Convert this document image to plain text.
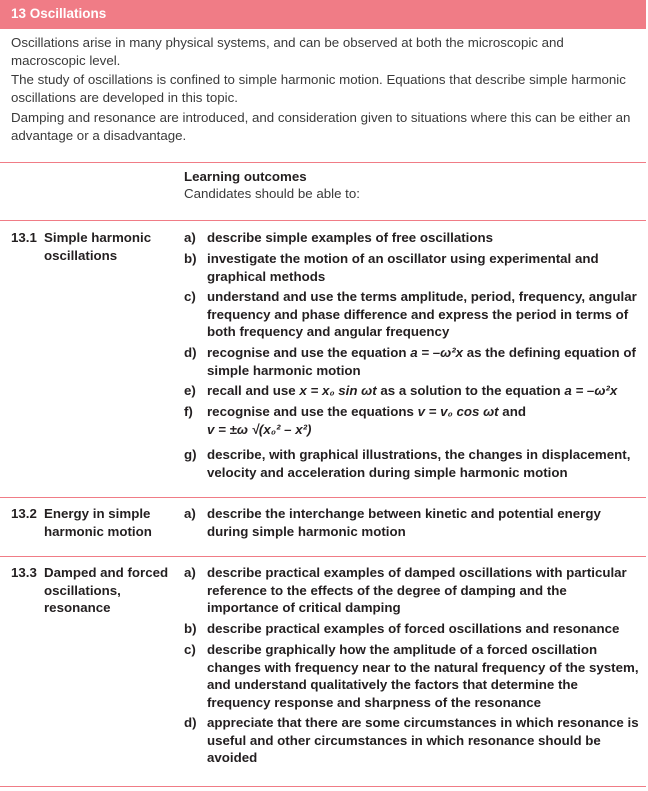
13 Oscillations

Oscillations arise in many physical systems, and can be observed at both the microscopic and macroscopic level.

The study of oscillations is confined to simple harmonic motion. Equations that describe simple harmonic oscillations are developed in this topic.

Damping and resonance are introduced, and consideration given to situations where this can be either an advantage or a disadvantage.

Learning outcomes
Candidates should be able to:
13.1 Simple harmonic oscillations
a) describe simple examples of free oscillations
b) investigate the motion of an oscillator using experimental and graphical methods
c) understand and use the terms amplitude, period, frequency, angular frequency and phase difference and express the period in terms of both frequency and angular frequency
d) recognise and use the equation a = –ω²x as the defining equation of simple harmonic motion
e) recall and use x = x₀ sin ωt as a solution to the equation a = –ω²x
f) recognise and use the equations v = v₀ cos ωt and
v = ±ω √(x₀² – x²)
g) describe, with graphical illustrations, the changes in displacement, velocity and acceleration during simple harmonic motion
13.2 Energy in simple harmonic motion
a) describe the interchange between kinetic and potential energy during simple harmonic motion
13.3 Damped and forced oscillations, resonance
a) describe practical examples of damped oscillations with particular reference to the effects of the degree of damping and the importance of critical damping
b) describe practical examples of forced oscillations and resonance
c) describe graphically how the amplitude of a forced oscillation changes with frequency near to the natural frequency of the system, and understand qualitatively the factors that determine the frequency response and sharpness of the resonance
d) appreciate that there are some circumstances in which resonance is useful and other circumstances in which resonance should be avoided
